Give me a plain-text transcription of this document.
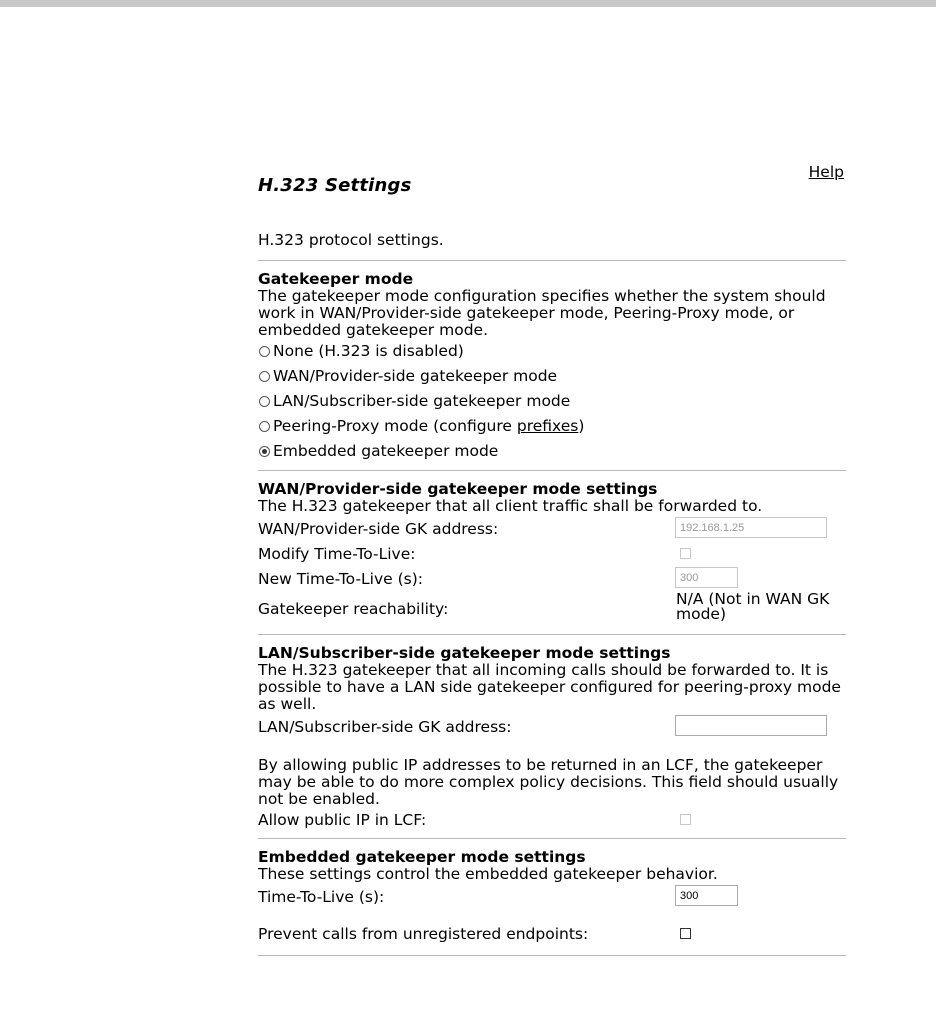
Help
H.323 Settings

H.323 protocol settings.

Gatekeeper mode

The gatekeeper mode configuration specifies whether the system should work in WAN/Provider-side gatekeeper mode, Peering-Proxy mode, or embedded gatekeeper mode.

None (H.323 is disabled)
WAN/Provider-side gatekeeper mode
LAN/Subscriber-side gatekeeper mode
Peering-Proxy mode (configure prefixes)
Embedded gatekeeper mode

WAN/Provider-side gatekeeper mode settings

The H.323 gatekeeper that all client traffic shall be forwarded to.

WAN/Provider-side GK address:
192.168.1.25
Modify Time-To-Live:
New Time-To-Live (s):
300
Gatekeeper reachability:
N/A (Not in WAN GK mode)

LAN/Subscriber-side gatekeeper mode settings

The H.323 gatekeeper that all incoming calls should be forwarded to. It is possible to have a LAN side gatekeeper configured for peering-proxy mode as well.

LAN/Subscriber-side GK address:

By allowing public IP addresses to be returned in an LCF, the gatekeeper may be able to do more complex policy decisions. This field should usually not be enabled.

Allow public IP in LCF:

Embedded gatekeeper mode settings

These settings control the embedded gatekeeper behavior.

Time-To-Live (s):
300
Prevent calls from unregistered endpoints:
